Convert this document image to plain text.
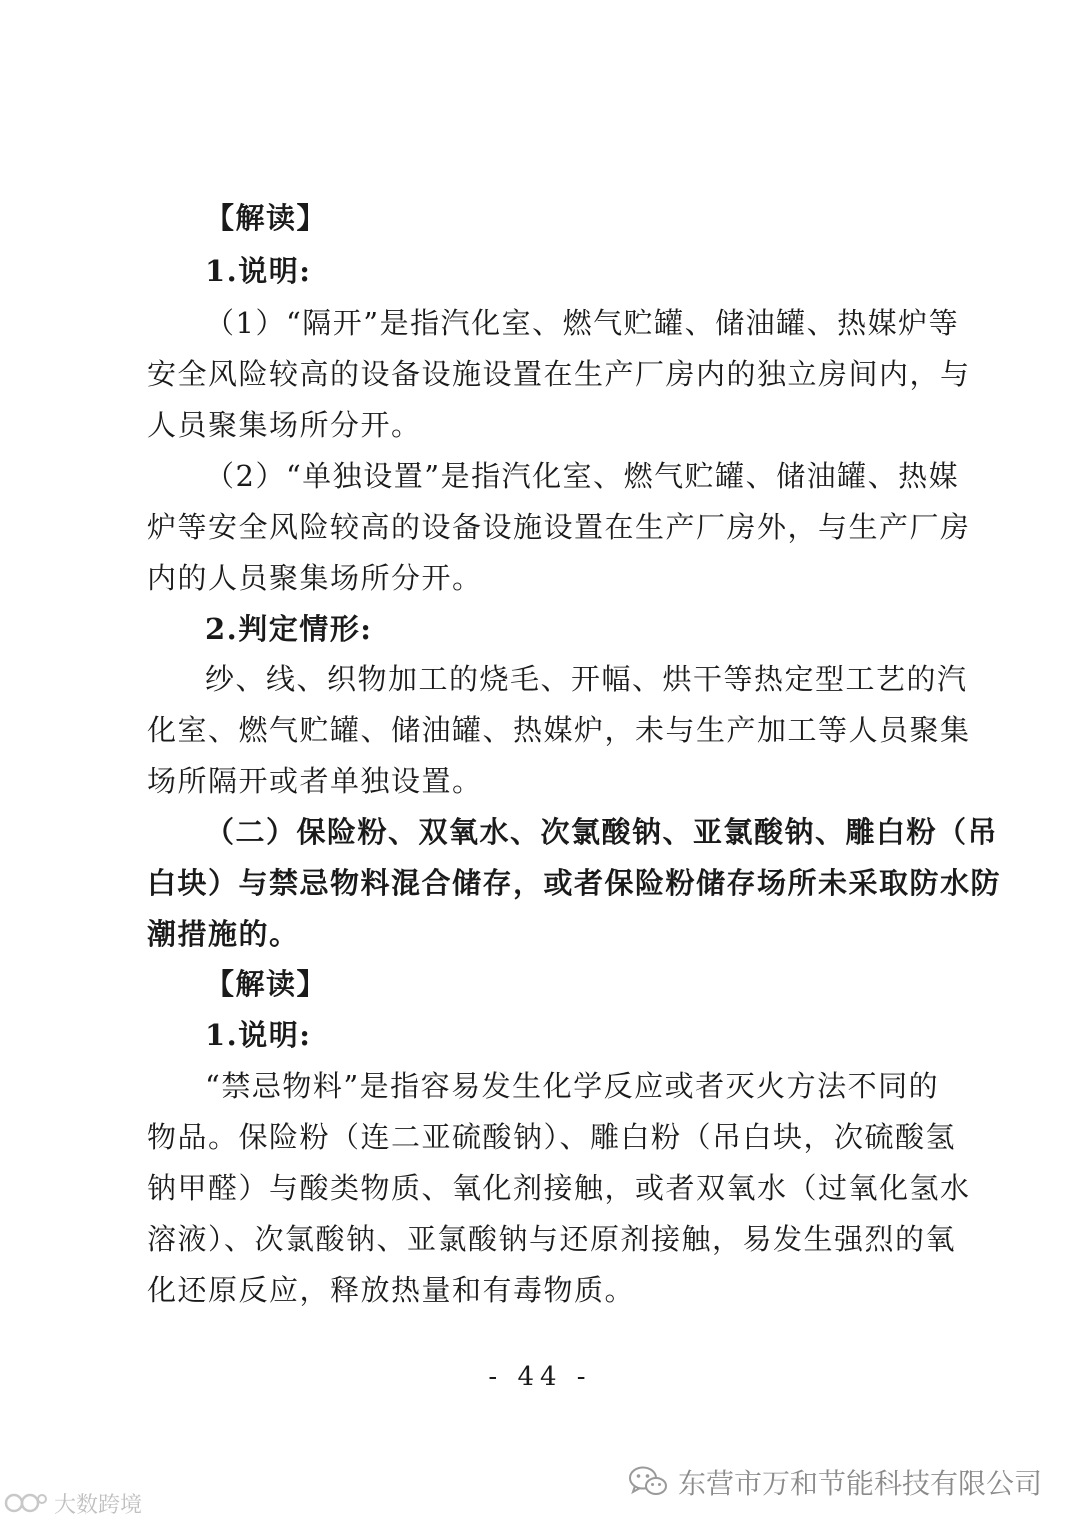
【解读】
1.说明:
（1）“隔开”是指汽化室、燃气贮罐、储油罐、热媒炉等
安全风险较高的设备设施设置在生产厂房内的独立房间内，与
人员聚集场所分开。
（2）“单独设置”是指汽化室、燃气贮罐、储油罐、热媒
炉等安全风险较高的设备设施设置在生产厂房外，与生产厂房
内的人员聚集场所分开。
2.判定情形:
纱、线、织物加工的烧毛、开幅、烘干等热定型工艺的汽
化室、燃气贮罐、储油罐、热媒炉，未与生产加工等人员聚集
场所隔开或者单独设置。
（二）保险粉、双氧水、次氯酸钠、亚氯酸钠、雕白粉（吊
白块）与禁忌物料混合储存，或者保险粉储存场所未采取防水防
潮措施的。
【解读】
1.说明:
“禁忌物料”是指容易发生化学反应或者灭火方法不同的
物品。保险粉（连二亚硫酸钠）、雕白粉（吊白块，次硫酸氢
钠甲醛）与酸类物质、氧化剂接触，或者双氧水（过氧化氢水
溶液）、次氯酸钠、亚氯酸钠与还原剂接触，易发生强烈的氧
化还原反应，释放热量和有毒物质。
- 44 -
大数跨境
东营市万和节能科技有限公司
